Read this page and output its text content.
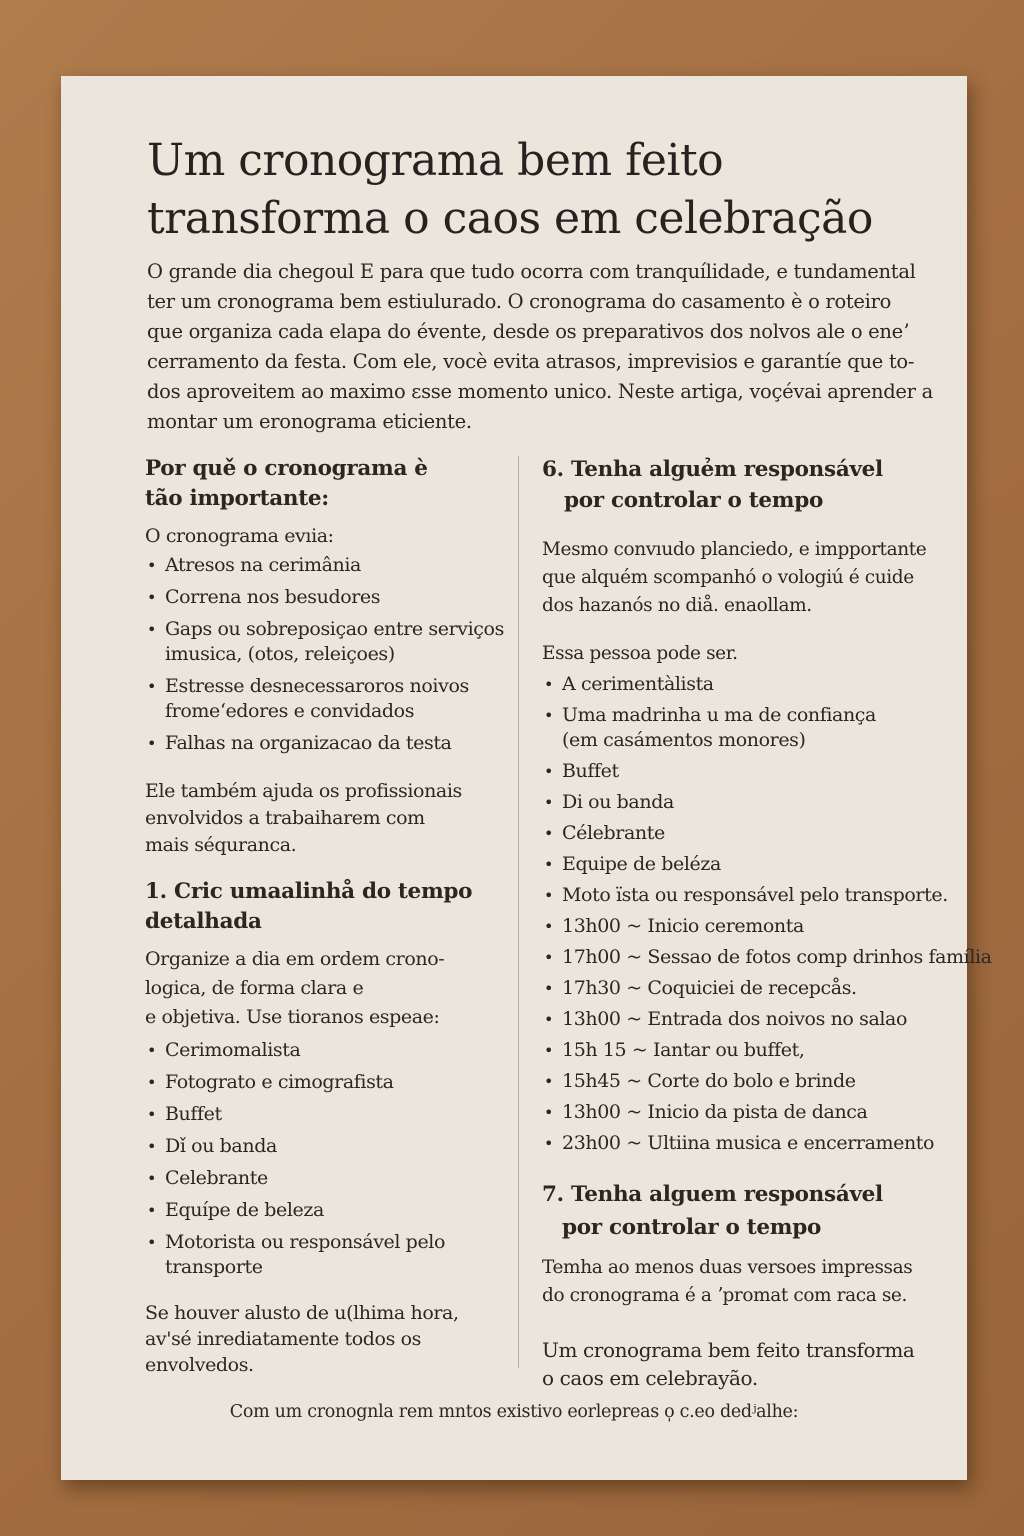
Um cronograma bem feito
transforma o caos em celebração
O grande dia chegoul E para que tudo ocorra com tranquílidade, e tundamental
ter um cronograma bem estiulurado. O cronograma do casamento è o roteiro
que organiza cada elapa do évente, desde os preparativos dos nolvos ale o eneʼ
cerramento da festa. Com ele, vocè evita atrasos, imprevisios e garantíe que to-
dos aproveitem ao maximo ɛsse momento unico. Neste artiga, voçévai aprender a
montar um eronograma eticiente.
Por quě o cronograma è
tão importante:

O cronograma evıia:

• Atresos na cerimânia
• Correna nos besudores
• Gaps ou sobreposiçao entre serviços
imusica, (otos, releiçoes)
• Estresse desnecessaroros noivos
fromeʻedores e convidados
• Falhas na organizacao da testa

Ele também ajuda os profissionais
envolvidos a trabaiharem com
mais séquranca.

1. Cric umaalinhå do tempo
detalhada

Organize a dia em ordem crono-
logica, de forma clara e
e objetiva. Use tioranos espeae:

• Cerimomalista
• Fotograto e cimografista
• Buffet
• Dǐ ou banda
• Celebrante
• Equípe de beleza
• Motorista ou responsável pelo
transporte

Se houver alusto de u(lhima hora,
av'sé inrediatamente todos os
envolvedos.

6. Tenha alguẻm responsável
por controlar o tempo

Mesmo convıudo planciedo, e impportante
que alquém scompanhó o vologiú é cuide
dos hazanós no diå. enaollam.

Essa pessoa pode ser.

• A cerimentàlista
• Uma madrinha u ma de confiança
(em casámentos monores)
• Buffet
• Di ou banda
• Célebrante
• Equipe de beléza
• Moto ïsta ou responsável pelo transporte.
• 13h00 ~ Inicio ceremonta
• 17h00 ~ Sessao de fotos comp drinhos família
• 17h30 ~ Coquiciei de recepcås.
• 13h00 ~ Entrada dos noivos no salao
• 15h 15 ~ Iantar ou buffet,
• 15h45 ~ Corte do bolo e brinde
• 13h00 ~ Inicio da pista de danca
• 23h00 ~ Ultiina musica e encerramento
7. Tenha alguem responsável
por controlar o tempo

Temha ao menos duas versoes impressas
do cronograma é a ʼpromat com raca se.

Um cronograma bem feito transforma
o caos em celebrayão.

Com um cronognla rem mntos existivo eorlepreas o̩ c.eo dedʲalhe:
